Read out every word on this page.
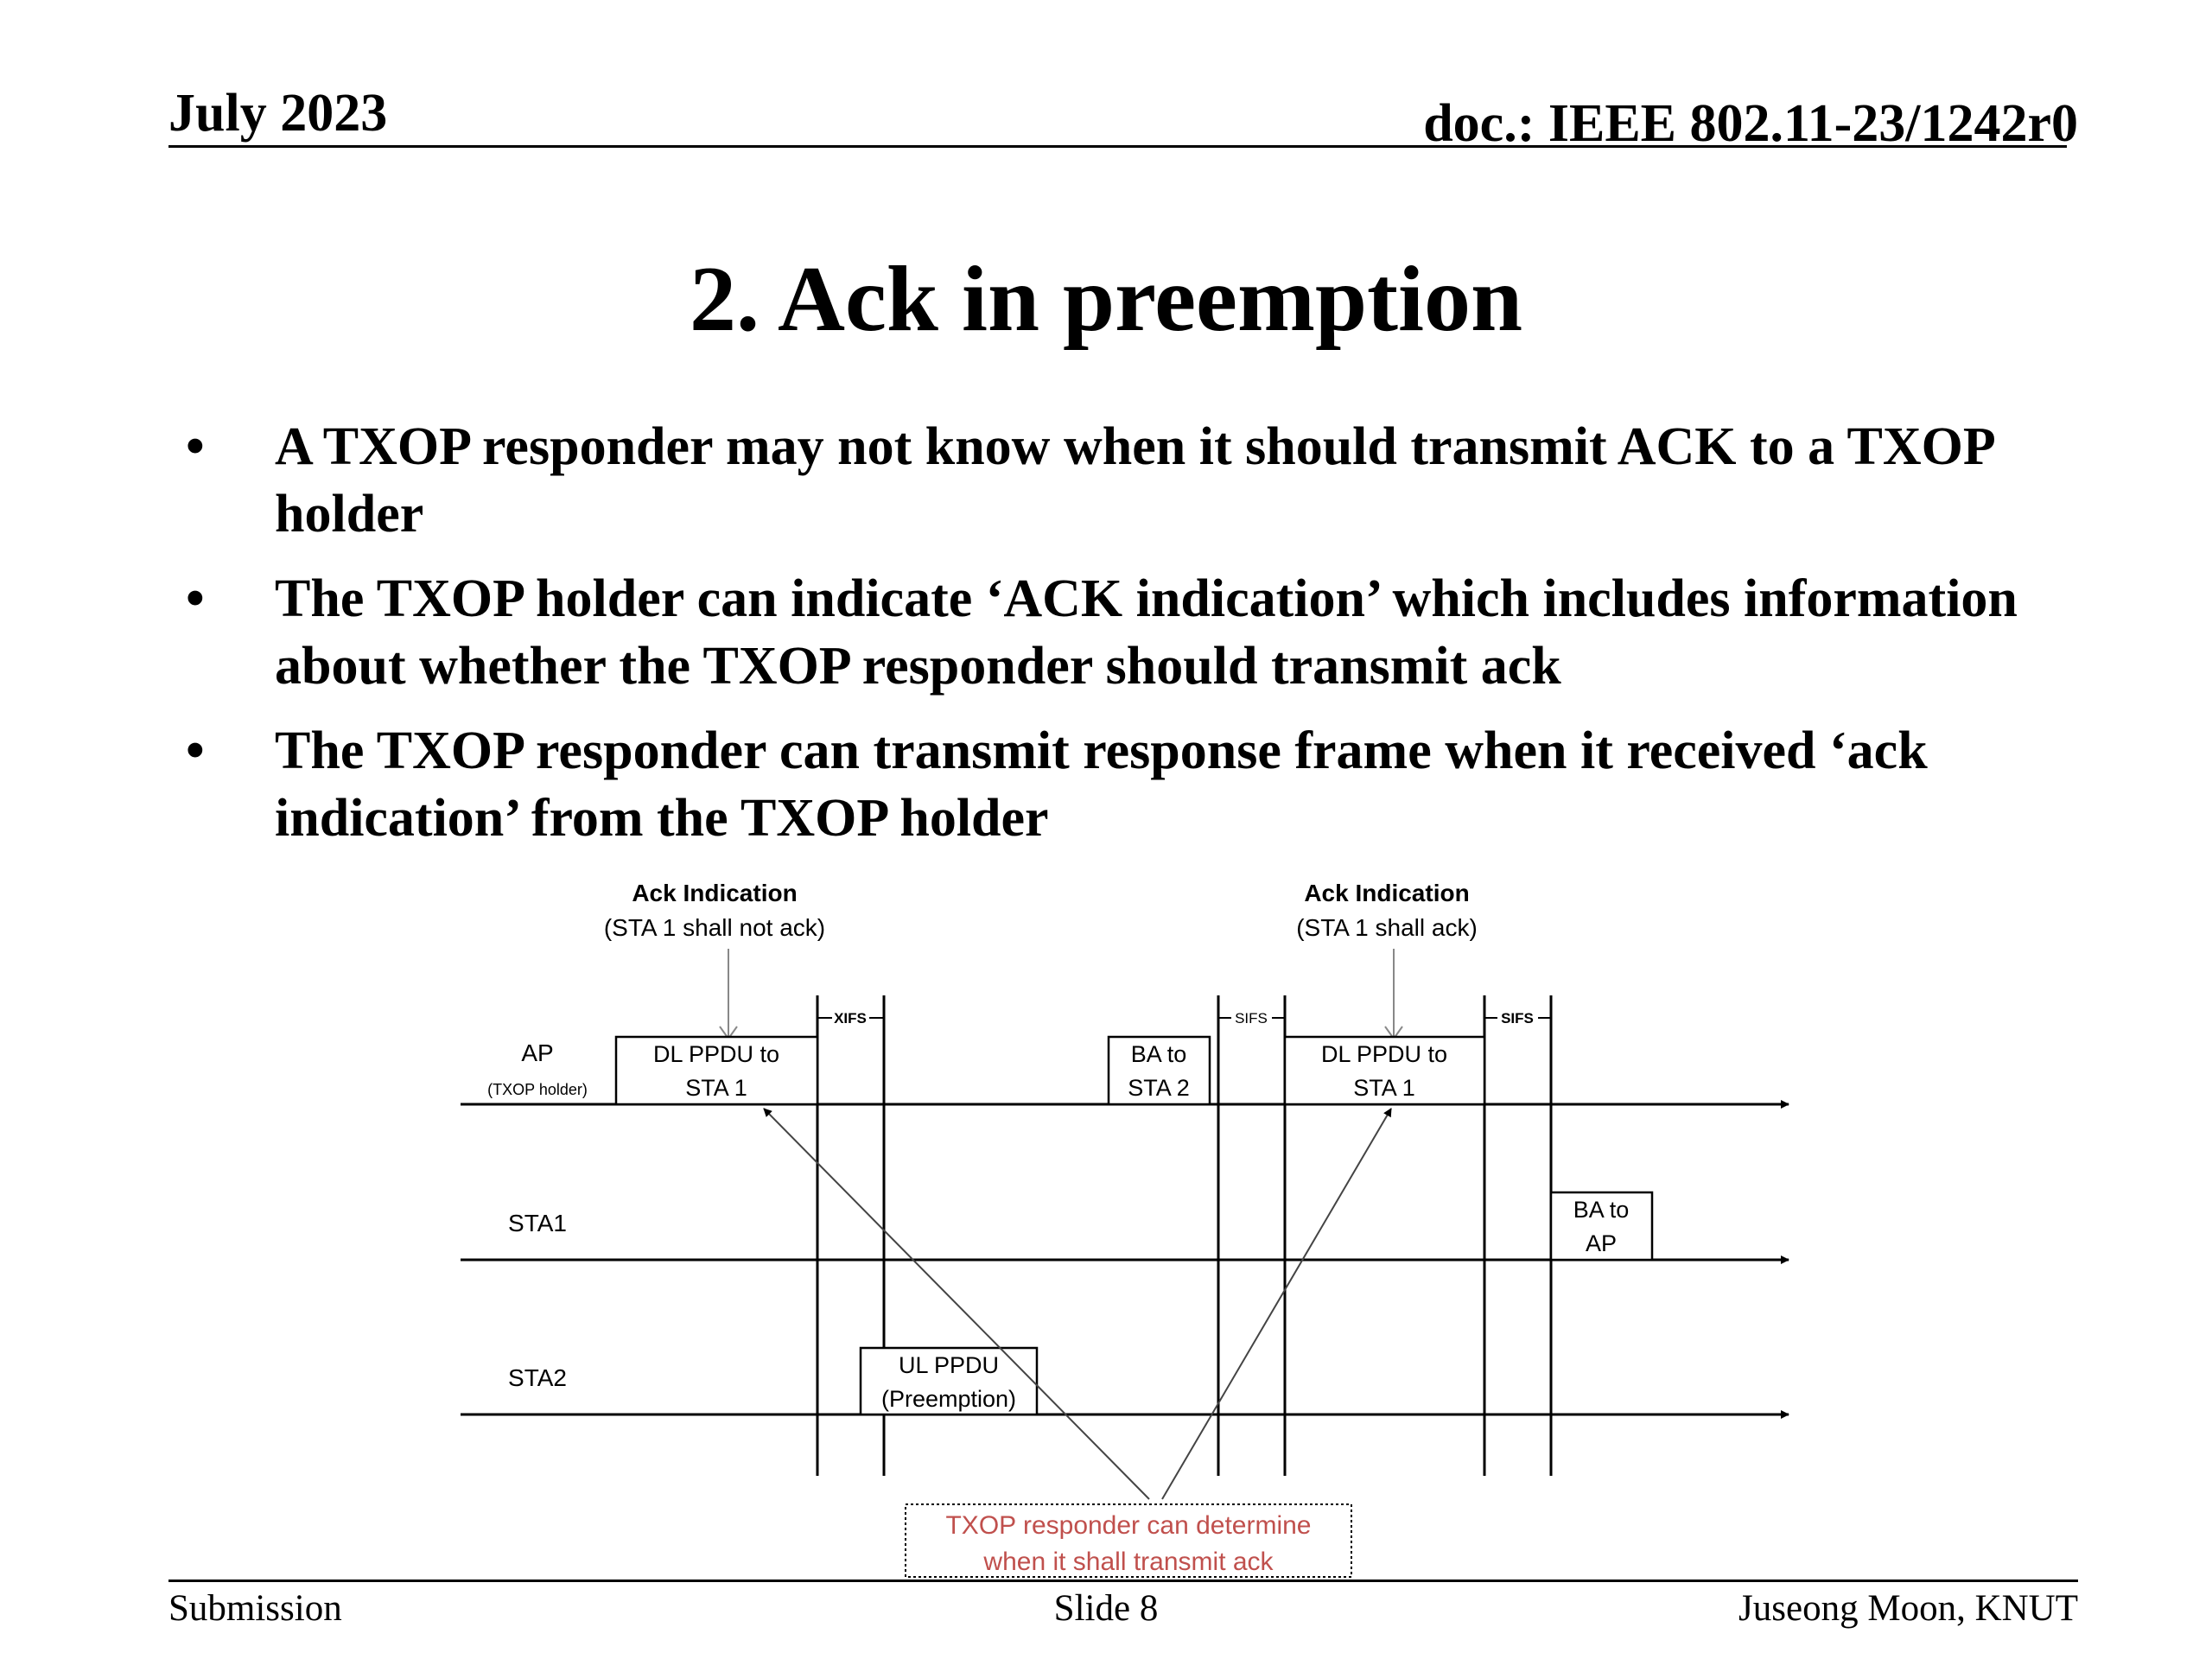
July 2023	doc.: IEEE 802.11-23/1242r0
2. Ack in preemption
• A TXOP responder may not know when it should transmit ACK to a TXOP holder
• The TXOP holder can indicate ‘ACK indication’ which includes information about whether the TXOP responder should transmit ack
• The TXOP responder can transmit response frame when it received ‘ack indication’ from the TXOP holder
Ack Indication
(STA 1 shall not ack)
Ack Indication
(STA 1 shall ack)
XIFS	SIFS	SIFS
AP
(TXOP holder)
STA1
STA2
DL PPDU to
STA 1
BA to
STA 2
DL PPDU to
STA 1
BA to
AP
UL PPDU
(Preemption)
TXOP responder can determine
when it shall transmit ack
Submission	Slide 8	Juseong Moon, KNUT
